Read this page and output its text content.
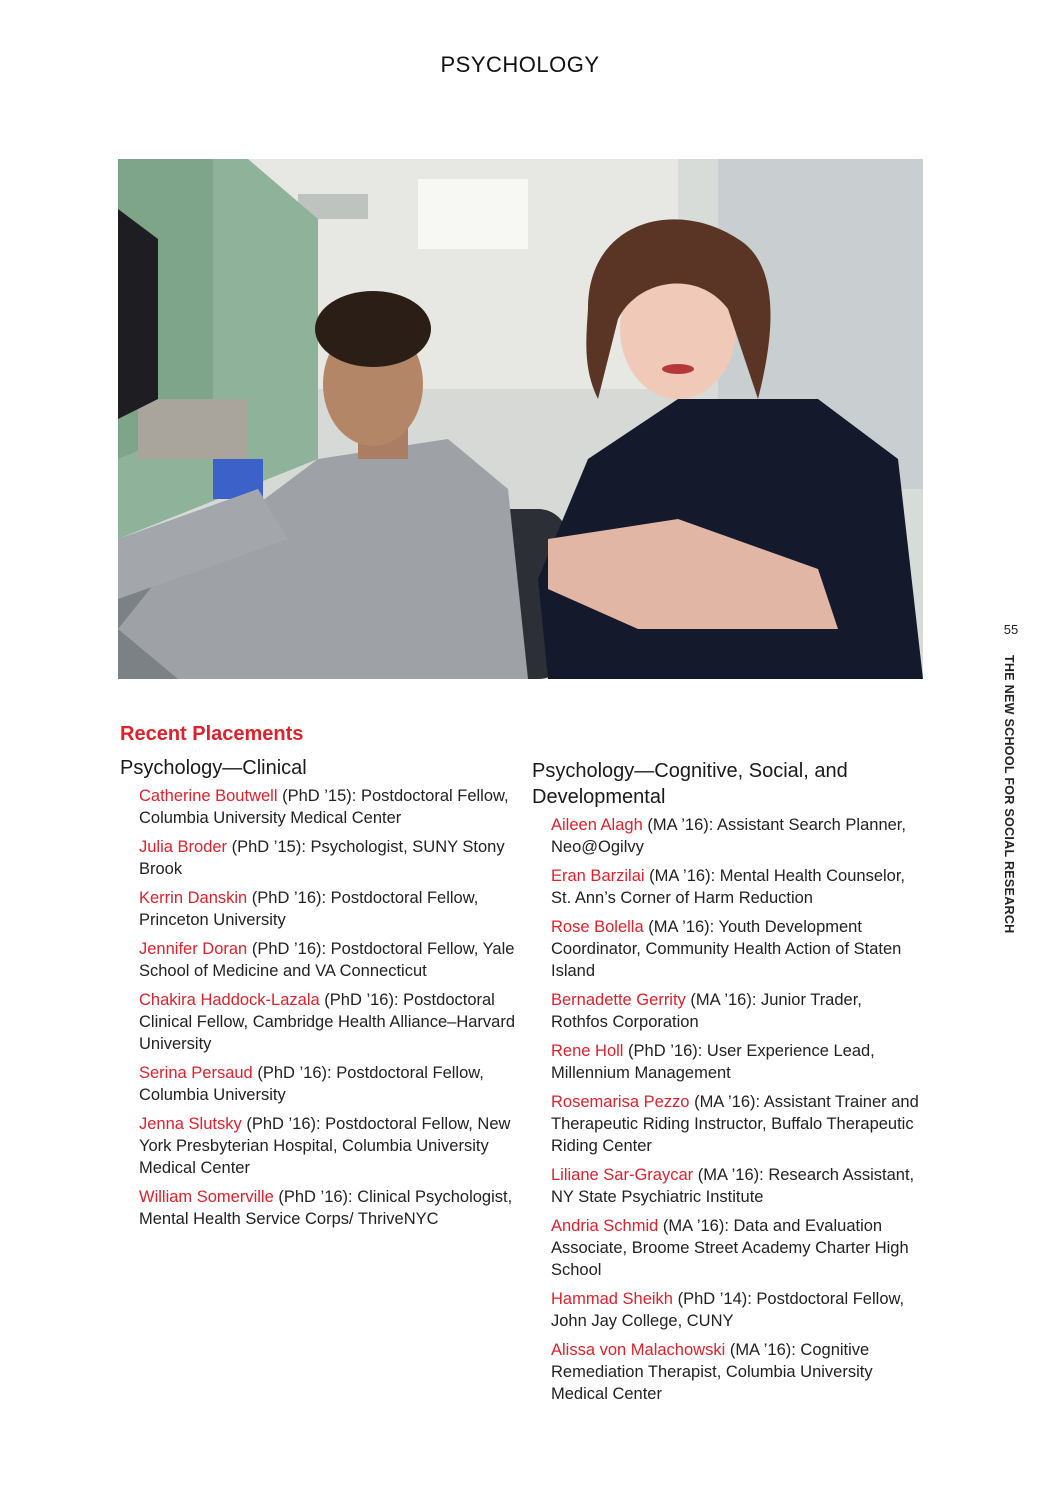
PSYCHOLOGY
55
THE NEW SCHOOL FOR SOCIAL RESEARCH
Recent Placements
Psychology—Clinical
Catherine Boutwell (PhD ’15): Postdoctoral Fellow, Columbia University Medical Center
Julia Broder (PhD ’15): Psychologist, SUNY Stony Brook
Kerrin Danskin (PhD ’16): Postdoctoral Fellow, Princeton University
Jennifer Doran (PhD ’16): Postdoctoral Fellow, Yale School of Medicine and VA Connecticut
Chakira Haddock-Lazala (PhD ’16): Postdoctoral Clinical Fellow, Cambridge Health Alliance–Harvard University
Serina Persaud (PhD ’16): Postdoctoral Fellow, Columbia University
Jenna Slutsky (PhD ’16): Postdoctoral Fellow, New York Presbyterian Hospital, Columbia University Medical Center
William Somerville (PhD ’16): Clinical Psychologist, Mental Health Service Corps/ ThriveNYC
Psychology—Cognitive, Social, and Developmental
Aileen Alagh (MA ’16): Assistant Search Planner, Neo@Ogilvy
Eran Barzilai (MA ’16): Mental Health Counselor, St. Ann’s Corner of Harm Reduction
Rose Bolella (MA ’16): Youth Development Coordinator, Community Health Action of Staten Island
Bernadette Gerrity (MA ’16): Junior Trader, Rothfos Corporation
Rene Holl (PhD ’16): User Experience Lead, Millennium Management
Rosemarisa Pezzo (MA ’16): Assistant Trainer and Therapeutic Riding Instructor, Buffalo Therapeutic Riding Center
Liliane Sar-Graycar (MA ’16): Research Assistant, NY State Psychiatric Institute
Andria Schmid (MA ’16): Data and Evaluation Associate, Broome Street Academy Charter High School
Hammad Sheikh (PhD ’14): Postdoctoral Fellow, John Jay College, CUNY
Alissa von Malachowski (MA ’16): Cognitive Remediation Therapist, Columbia University Medical Center
